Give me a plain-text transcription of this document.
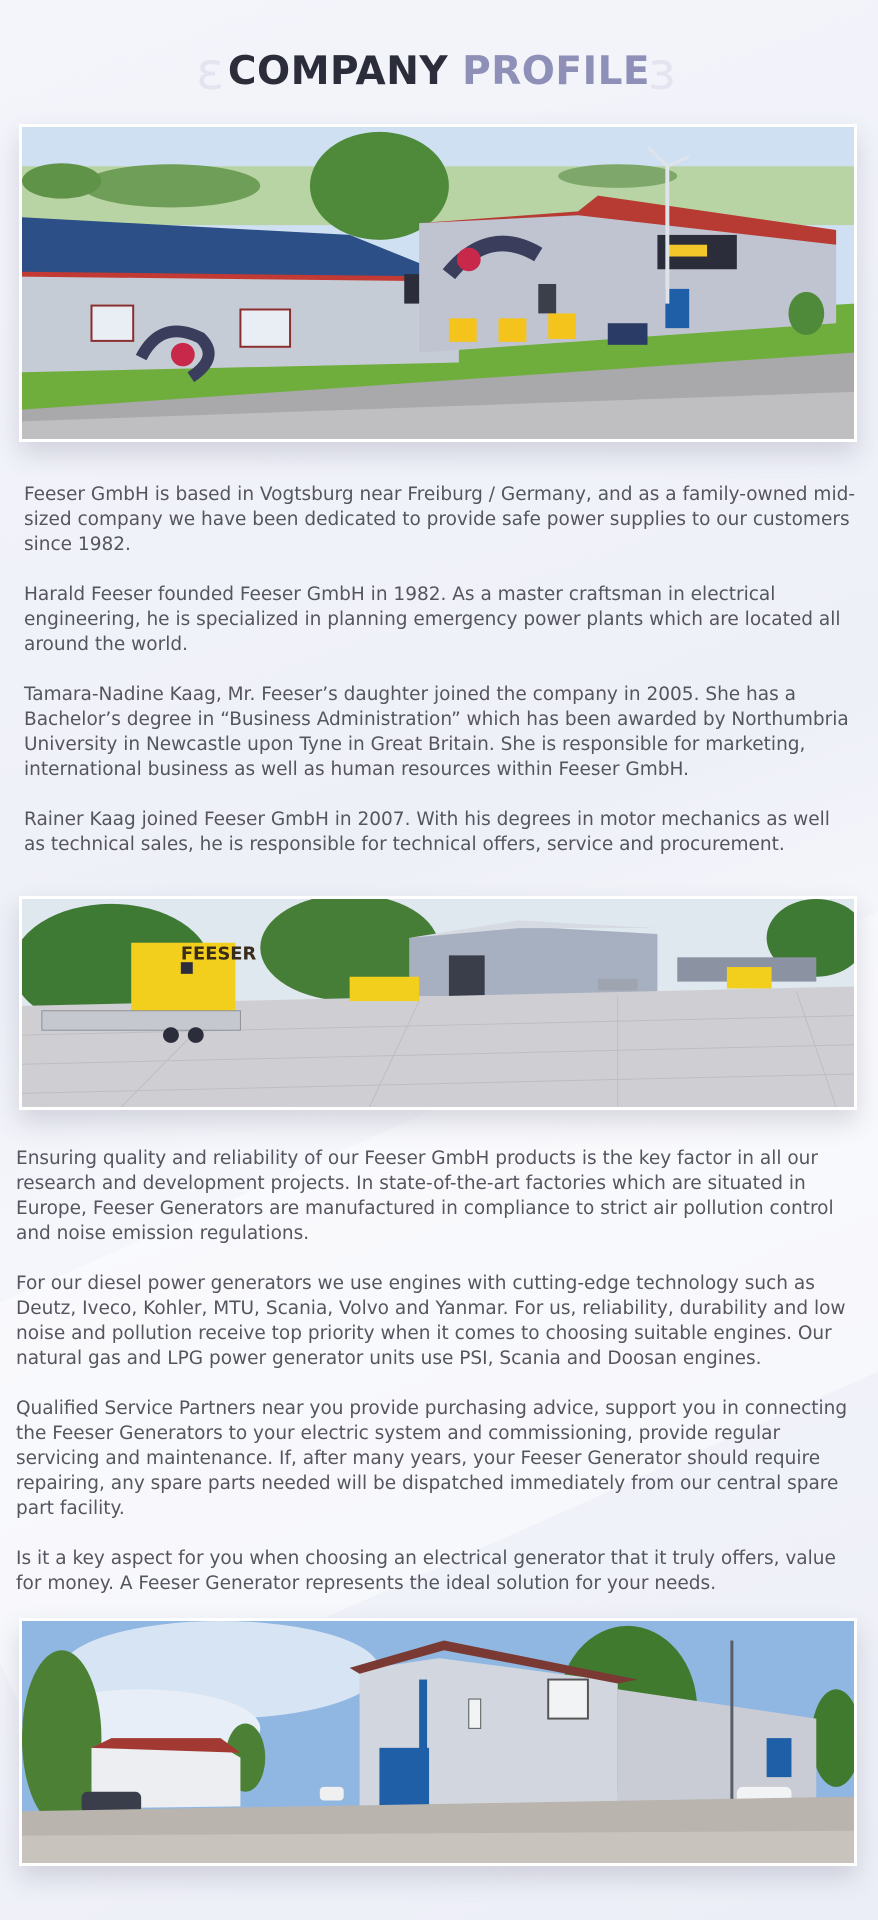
ε COMPANY PROFILE
з

Feeser GmbH is based in Vogtsburg near Freiburg / Germany, and as a family-owned mid-sized company we have been dedicated to provide safe power supplies to our customers since 1982.

Harald Feeser founded Feeser GmbH in 1982. As a master craftsman in electrical engineering, he is specialized in planning emergency power plants which are located all around the world.

Tamara-Nadine Kaag, Mr. Feeser’s daughter joined the company in 2005. She has a Bachelor’s degree in “Business Administration” which has been awarded by Northumbria University in Newcastle upon Tyne in Great Britain. She is responsible for marketing, international business as well as human resources within Feeser GmbH.

Rainer Kaag joined Feeser GmbH in 2007. With his degrees in motor mechanics as well as technical sales, he is responsible for technical offers, service and procurement.

FEESER

Ensuring quality and reliability of our Feeser GmbH products is the key factor in all our research and development projects. In state-of-the-art factories which are situated in Europe, Feeser Generators are manufactured in compliance to strict air pollution control and noise emission regulations.

For our diesel power generators we use engines with cutting-edge technology such as Deutz, Iveco, Kohler, MTU, Scania, Volvo and Yanmar. For us, reliability, durability and low noise and pollution receive top priority when it comes to choosing suitable engines. Our natural gas and LPG power generator units use PSI, Scania and Doosan engines.

Qualified Service Partners near you provide purchasing advice, support you in connecting the Feeser Generators to your electric system and commissioning, provide regular servicing and maintenance. If, after many years, your Feeser Generator should require repairing, any spare parts needed will be dispatched immediately from our central spare part facility.

Is it a key aspect for you when choosing an electrical generator that it truly offers, value for money. A Feeser Generator represents the ideal solution for your needs.
